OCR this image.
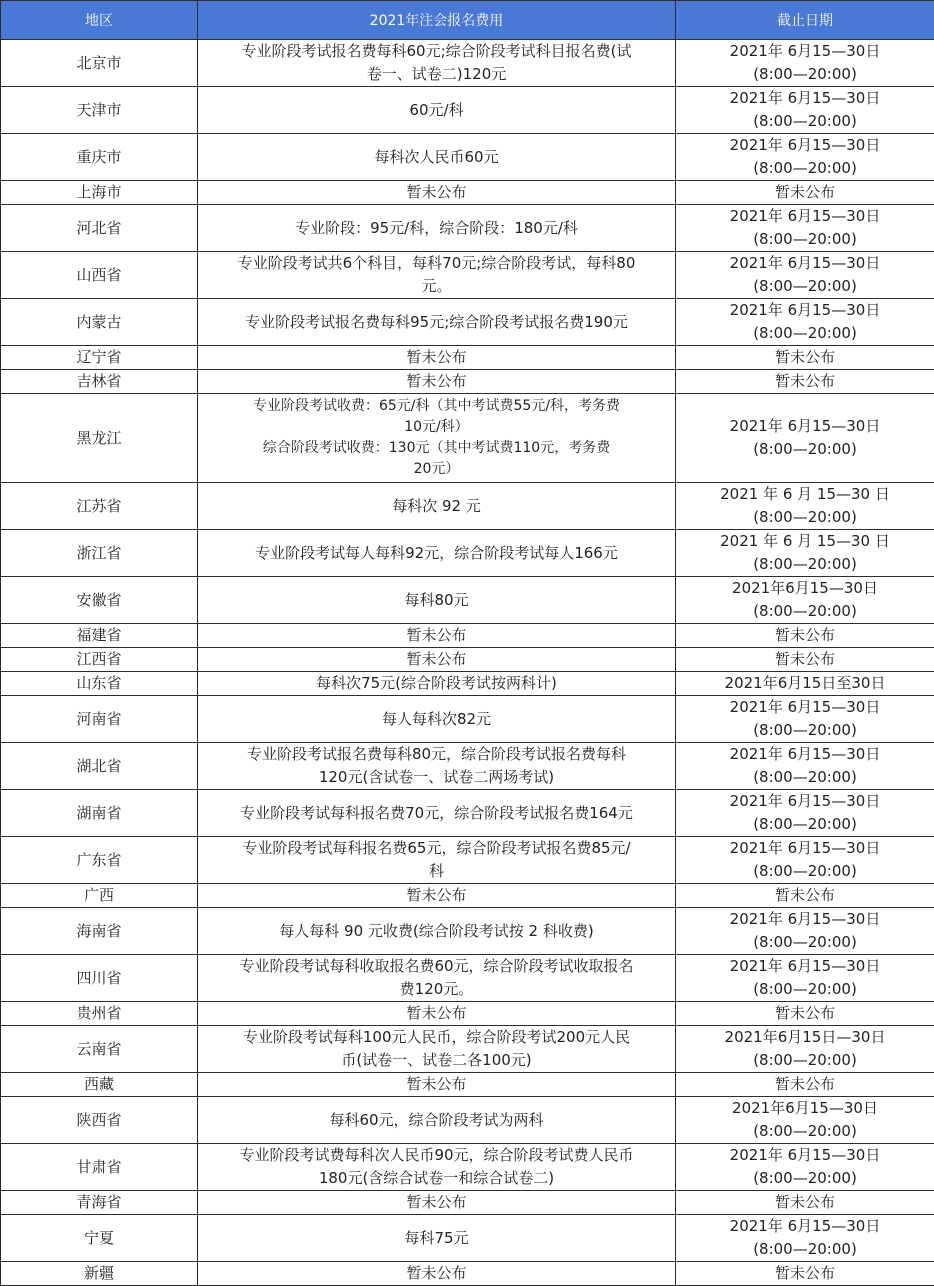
地区	2021年注会报名费用	截止日期
北京市	专业阶段考试报名费每科60元;综合阶段考试科目报名费(试
卷一、试卷二)120元	2021年 6月15—30日
(8:00—20:00)
天津市	60元/科	2021年 6月15—30日
(8:00—20:00)
重庆市	每科次人民币60元	2021年 6月15—30日
(8:00—20:00)
上海市	暂未公布	暂未公布
河北省	专业阶段：95元/科，综合阶段：180元/科	2021年 6月15—30日
(8:00—20:00)
山西省	专业阶段考试共6个科目，每科70元;综合阶段考试，每科80
元。	2021年 6月15—30日
(8:00—20:00)
内蒙古	专业阶段考试报名费每科95元;综合阶段考试报名费190元	2021年 6月15—30日
(8:00—20:00)
辽宁省	暂未公布	暂未公布
吉林省	暂未公布	暂未公布
黑龙江	专业阶段考试收费：65元/科（其中考试费55元/科，考务费
10元/科）
综合阶段考试收费：130元（其中考试费110元，考务费
20元）	2021年 6月15—30日
(8:00—20:00)
江苏省	每科次 92 元	2021 年 6 月 15—30 日
(8:00—20:00)
浙江省	专业阶段考试每人每科92元，综合阶段考试每人166元	2021 年 6 月 15—30 日
(8:00—20:00)
安徽省	每科80元	2021年6月15—30日
(8:00—20:00)
福建省	暂未公布	暂未公布
江西省	暂未公布	暂未公布
山东省	每科次75元(综合阶段考试按两科计)	2021年6月15日至30日
河南省	每人每科次82元	2021年 6月15—30日
(8:00—20:00)
湖北省	专业阶段考试报名费每科80元，综合阶段考试报名费每科
120元(含试卷一、试卷二两场考试)	2021年 6月15—30日
(8:00—20:00)
湖南省	专业阶段考试每科报名费70元，综合阶段考试报名费164元	2021年 6月15—30日
(8:00—20:00)
广东省	专业阶段考试每科报名费65元，综合阶段考试报名费85元/
科	2021年 6月15—30日
(8:00—20:00)
广西	暂未公布	暂未公布
海南省	每人每科 90 元收费(综合阶段考试按 2 科收费)	2021年 6月15—30日
(8:00—20:00)
四川省	专业阶段考试每科收取报名费60元，综合阶段考试收取报名
费120元。	2021年 6月15—30日
(8:00—20:00)
贵州省	暂未公布	暂未公布
云南省	专业阶段考试每科100元人民币，综合阶段考试200元人民
币(试卷一、试卷二各100元)	2021年6月15日—30日
(8:00—20:00)
西藏	暂未公布	暂未公布
陕西省	每科60元，综合阶段考试为两科	2021年6月15—30日
(8:00—20:00)
甘肃省	专业阶段考试费每科次人民币90元，综合阶段考试费人民币
180元(含综合试卷一和综合试卷二)	2021年 6月15—30日
(8:00—20:00)
青海省	暂未公布	暂未公布
宁夏	每科75元	2021年 6月15—30日
(8:00—20:00)
新疆	暂未公布	暂未公布
